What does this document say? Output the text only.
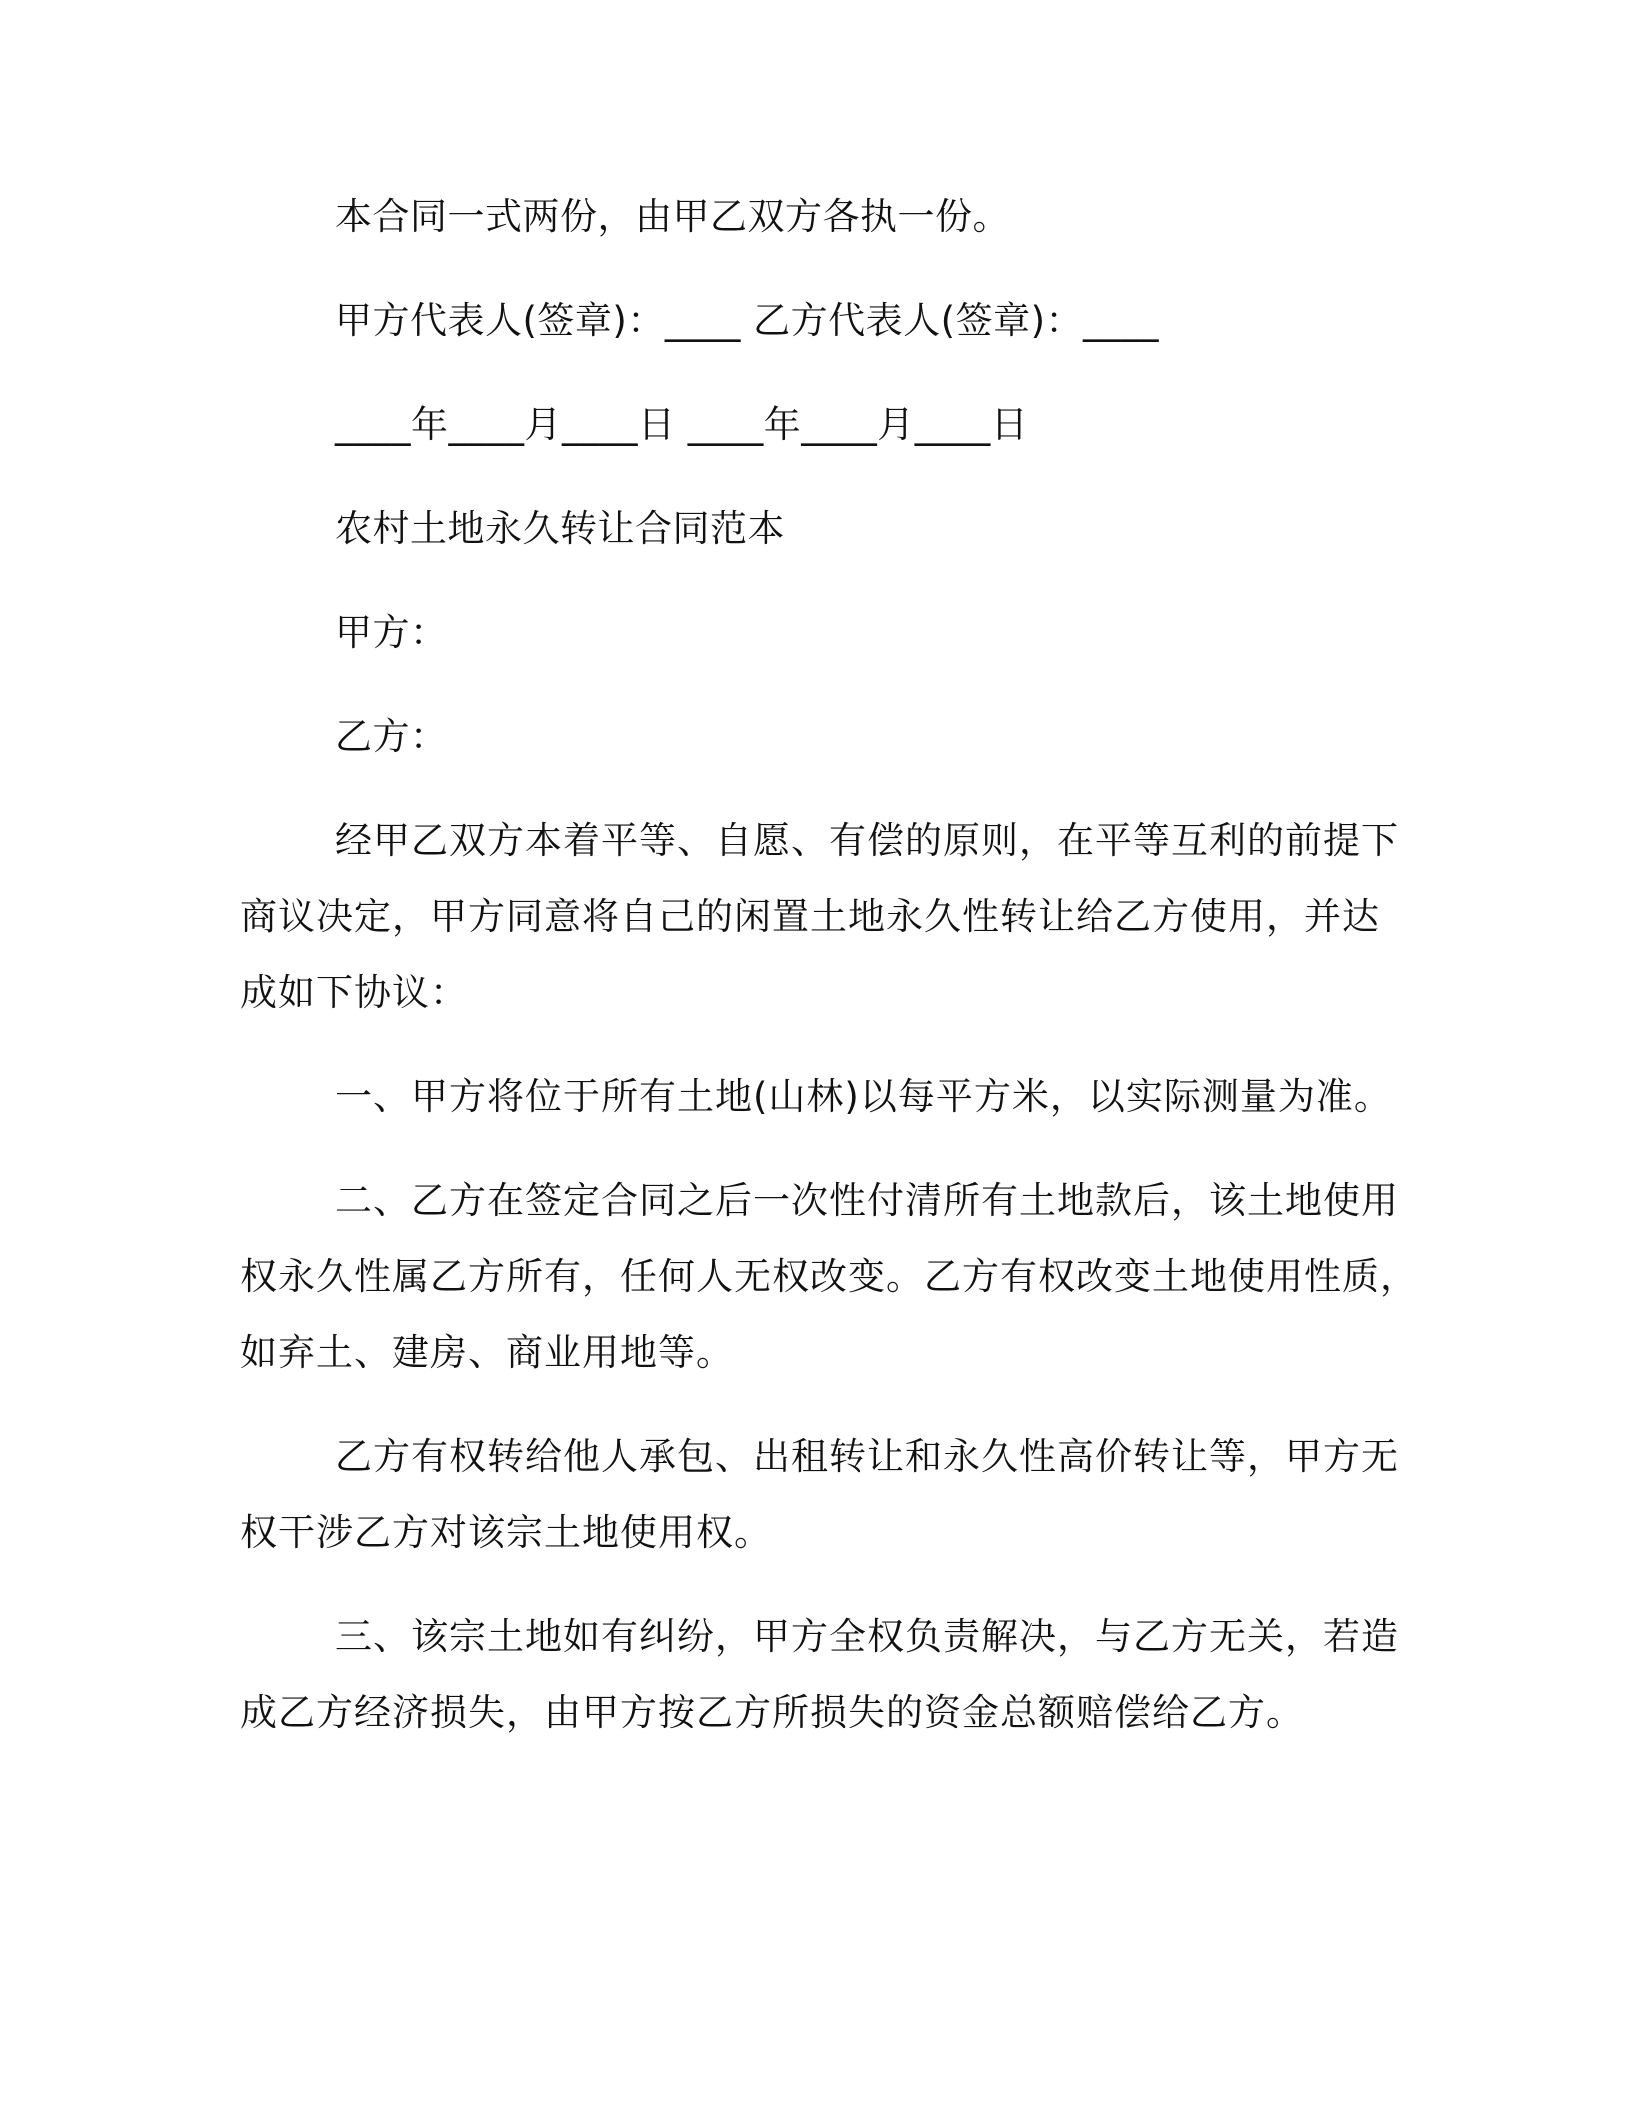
本合同一式两份，由甲乙双方各执一份。
甲方代表人(签章)：____ 乙方代表人(签章)：____
____年____月____日 ____年____月____日
农村土地永久转让合同范本
甲方：
乙方：
经甲乙双方本着平等、自愿、有偿的原则，在平等互利的前提下
商议决定，甲方同意将自己的闲置土地永久性转让给乙方使用，并达
成如下协议：
一、甲方将位于所有土地(山林)以每平方米，以实际测量为准。
二、乙方在签定合同之后一次性付清所有土地款后，该土地使用
权永久性属乙方所有，任何人无权改变。乙方有权改变土地使用性质，
如弃土、建房、商业用地等。
乙方有权转给他人承包、出租转让和永久性高价转让等，甲方无
权干涉乙方对该宗土地使用权。
三、该宗土地如有纠纷，甲方全权负责解决，与乙方无关，若造
成乙方经济损失，由甲方按乙方所损失的资金总额赔偿给乙方。
